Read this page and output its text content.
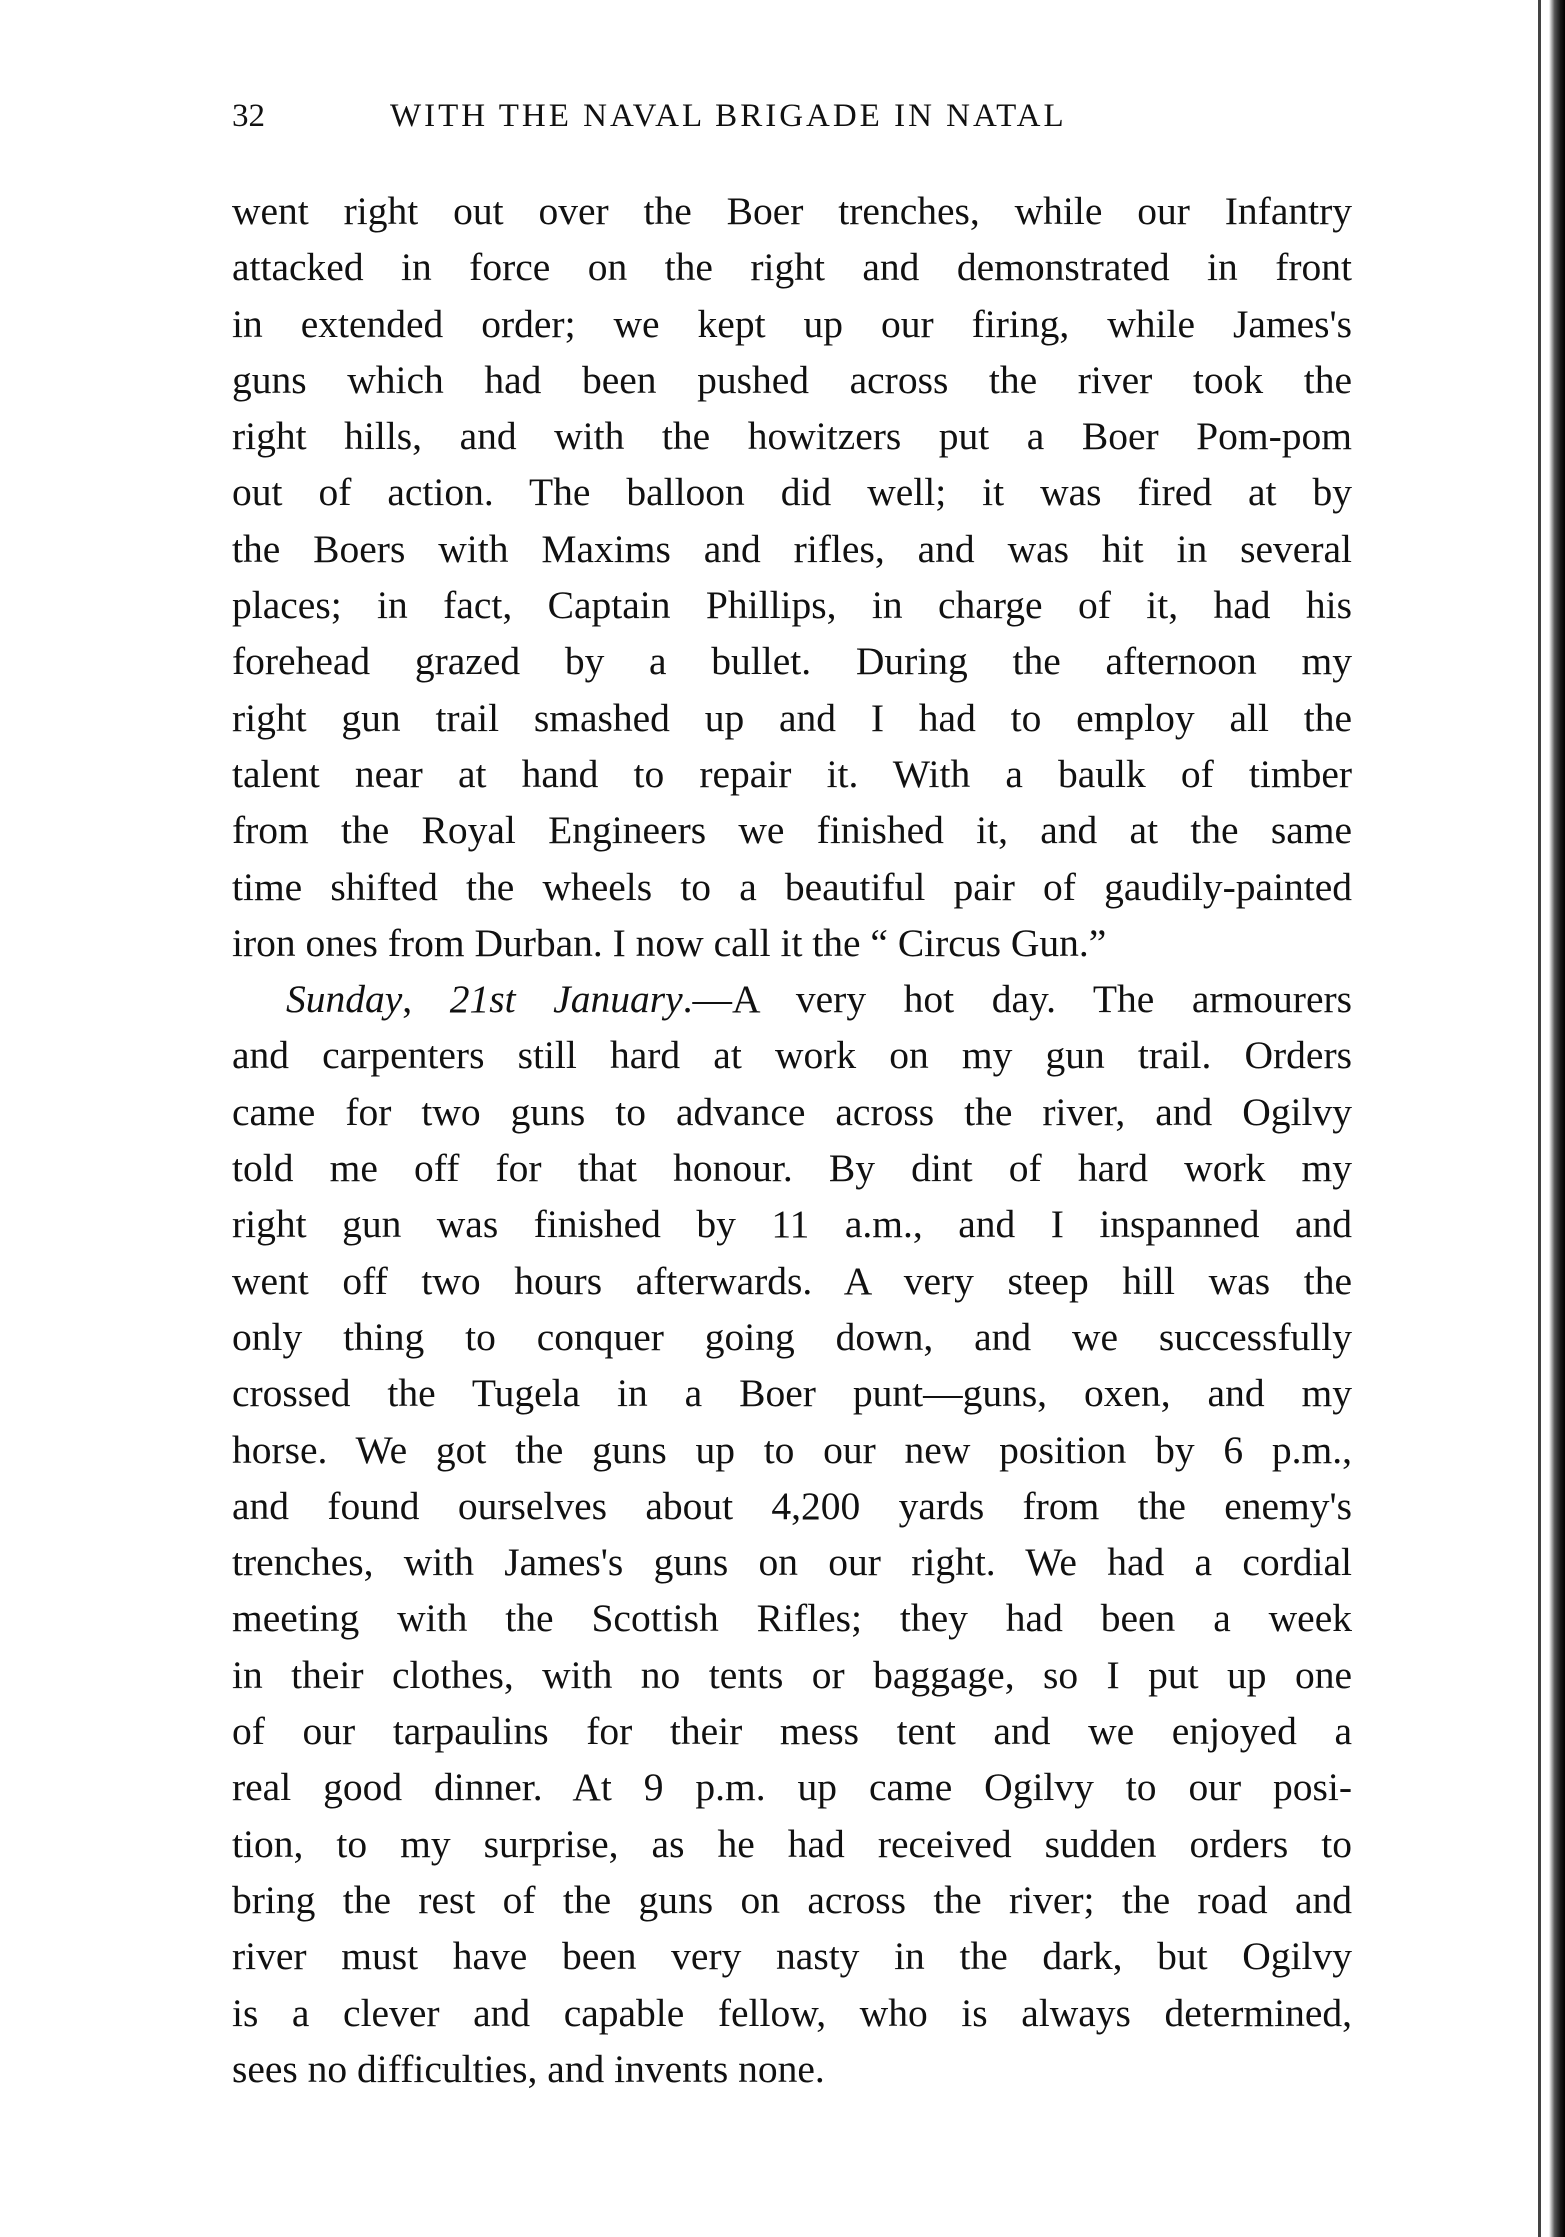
32	WITH THE NAVAL BRIGADE IN NATAL
went right out over the Boer trenches, while our Infantry
attacked in force on the right and demonstrated in front
in extended order; we kept up our firing, while James's
guns which had been pushed across the river took the
right hills, and with the howitzers put a Boer Pom-pom
out of action. The balloon did well; it was fired at by
the Boers with Maxims and rifles, and was hit in several
places; in fact, Captain Phillips, in charge of it, had his
forehead grazed by a bullet. During the afternoon my
right gun trail smashed up and I had to employ all the
talent near at hand to repair it. With a baulk of timber
from the Royal Engineers we finished it, and at the same
time shifted the wheels to a beautiful pair of gaudily-painted
iron ones from Durban. I now call it the “ Circus Gun.”
Sunday, 21st January.—A very hot day. The armourers
and carpenters still hard at work on my gun trail. Orders
came for two guns to advance across the river, and Ogilvy
told me off for that honour. By dint of hard work my
right gun was finished by 11 a.m., and I inspanned and
went off two hours afterwards. A very steep hill was the
only thing to conquer going down, and we successfully
crossed the Tugela in a Boer punt—guns, oxen, and my
horse. We got the guns up to our new position by 6 p.m.,
and found ourselves about 4,200 yards from the enemy's
trenches, with James's guns on our right. We had a cordial
meeting with the Scottish Rifles; they had been a week
in their clothes, with no tents or baggage, so I put up one
of our tarpaulins for their mess tent and we enjoyed a
real good dinner. At 9 p.m. up came Ogilvy to our posi-
tion, to my surprise, as he had received sudden orders to
bring the rest of the guns on across the river; the road and
river must have been very nasty in the dark, but Ogilvy
is a clever and capable fellow, who is always determined,
sees no difficulties, and invents none.
